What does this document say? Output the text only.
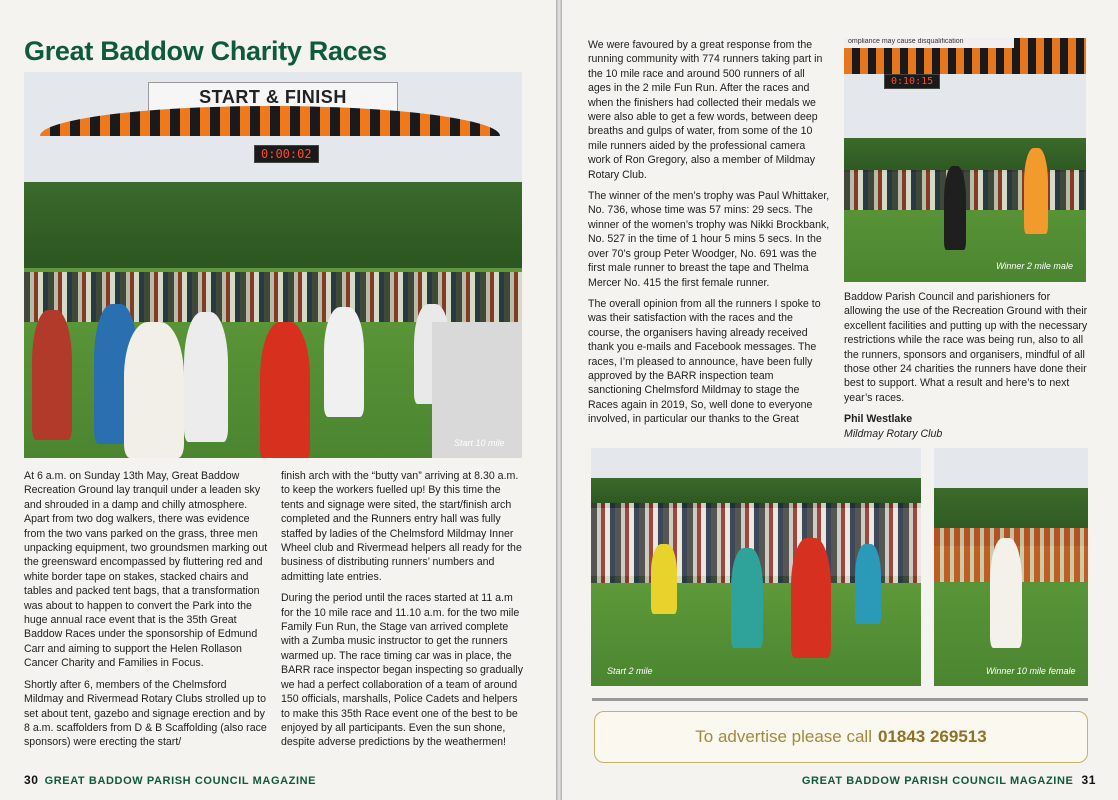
Great Baddow Charity Races
Start 10 mile
START & FINISH
0:00:02

At 6 a.m. on Sunday 13th May, Great Baddow Recreation Ground lay tranquil under a leaden sky and shrouded in a damp and chilly atmosphere. Apart from two dog walkers, there was evidence from the two vans parked on the grass, three men unpacking equipment, two groundsmen marking out the greensward encompassed by fluttering red and white border tape on stakes, stacked chairs and tables and packed tent bags, that a transformation was about to happen to convert the Park into the huge annual race event that is the 35th Great Baddow Races under the sponsorship of Edmund Carr and aiming to support the Helen Rollason Cancer Charity and Families in Focus.

Shortly after 6, members of the Chelmsford Mildmay and Rivermead Rotary Clubs strolled up to set about tent, gazebo and signage erection and by 8 a.m. scaffolders from D & B Scaffolding (also race sponsors) were erecting the start/

finish arch with the “butty van” arriving at 8.30 a.m. to keep the workers fuelled up! By this time the tents and signage were sited, the start/finish arch completed and the Runners entry hall was fully staffed by ladies of the Chelmsford Mildmay Inner Wheel club and Rivermead helpers all ready for the business of distributing runners’ numbers and admitting late entries.

During the period until the races started at 11 a.m for the 10 mile race and 11.10 a.m. for the two mile Family Fun Run, the Stage van arrived complete with a Zumba music instructor to get the runners warmed up. The race timing car was in place, the BARR race inspector began inspecting so gradually we had a perfect collaboration of a team of around 150 officials, marshalls, Police Cadets and helpers to make this 35th Race event one of the best to be enjoyed by all participants. Even the sun shone, despite adverse predictions by the weathermen!

30 GREAT BADDOW PARISH COUNCIL MAGAZINE

We were favoured by a great response from the running community with 774 runners taking part in the 10 mile race and around 500 runners of all ages in the 2 mile Fun Run. After the races and when the finishers had collected their medals we were also able to get a few words, between deep breaths and gulps of water, from some of the 10 mile runners aided by the professional camera work of Ron Gregory, also a member of Mildmay Rotary Club.

The winner of the men’s trophy was Paul Whittaker, No. 736, whose time was 57 mins: 29 secs. The winner of the women’s trophy was Nikki Brockbank, No. 527 in the time of 1 hour 5 mins 5 secs. In the over 70’s group Peter Woodger, No. 691 was the first male runner to breast the tape and Thelma Mercer No. 415 the first female runner.

The overall opinion from all the runners I spoke to was their satisfaction with the races and the course, the organisers having already received thank you e-mails and Facebook messages. The races, I’m pleased to announce, have been fully approved by the BARR inspection team sanctioning Chelmsford Mildmay to stage the Races again in 2019, So, well done to everyone involved, in particular our thanks to the Great

ompliance may cause disqualification
0:10:15
Winner 2 mile male

Baddow Parish Council and parishioners for allowing the use of the Recreation Ground with their excellent facilities and putting up with the necessary restrictions while the race was being run, also to all the runners, sponsors and organisers, mindful of all those other 24 charities the runners have done their best to support. What a result and here’s to next year’s races.

Phil Westlake
Mildmay Rotary Club
Start 2 mile	Winner 10 mile female
To advertise please call 01843 269513
GREAT BADDOW PARISH COUNCIL MAGAZINE 31
